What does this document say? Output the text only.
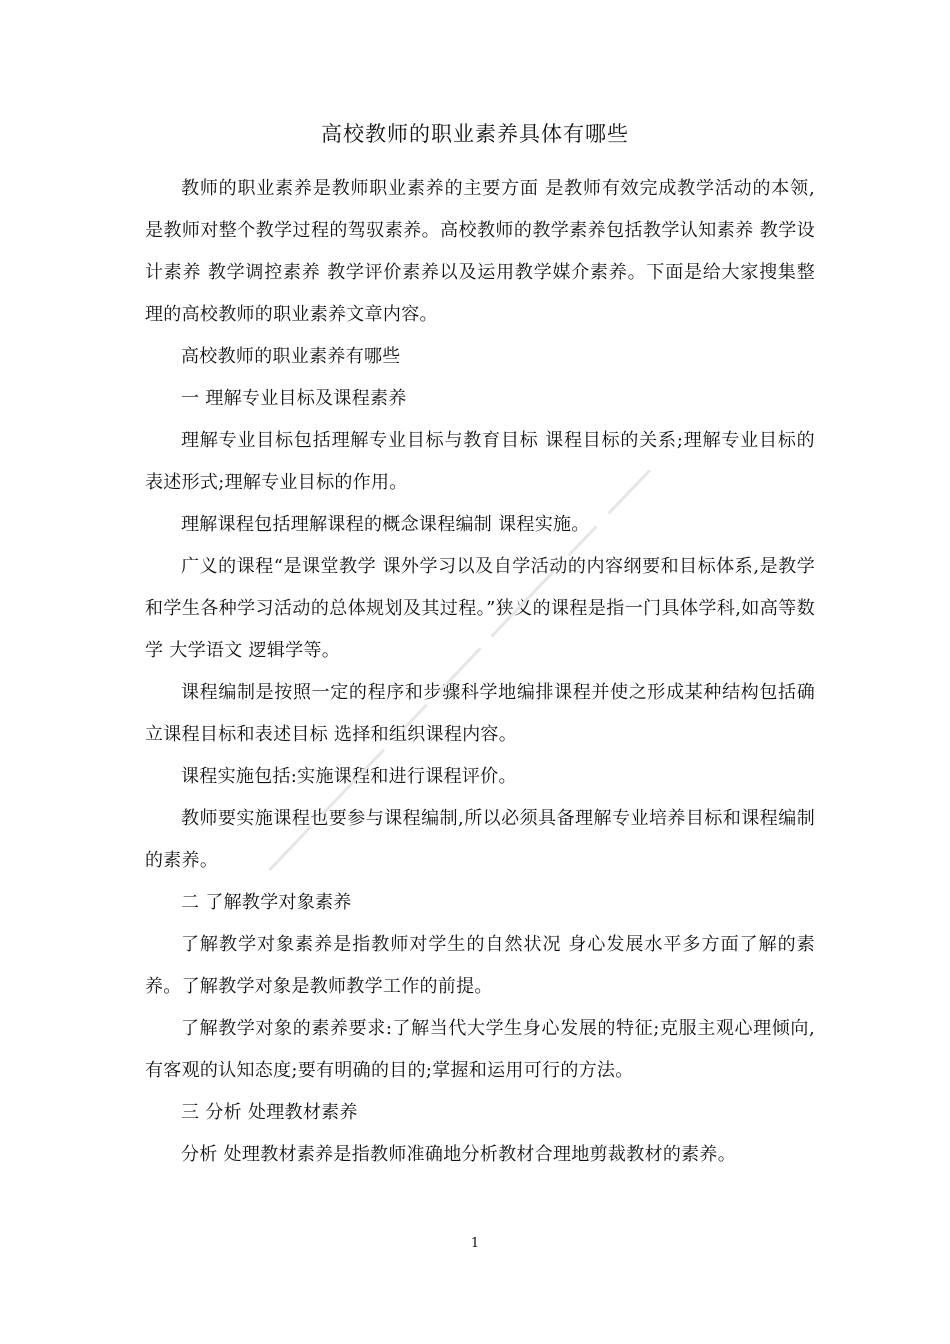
高校教师的职业素养具体有哪些

教师的职业素养是教师职业素养的主要方面 是教师有效完成教学活动的本领,是教师对整个教学过程的驾驭素养。高校教师的教学素养包括教学认知素养 教学设计素养 教学调控素养 教学评价素养以及运用教学媒介素养。下面是给大家搜集整理的高校教师的职业素养文章内容。

高校教师的职业素养有哪些

一 理解专业目标及课程素养

理解专业目标包括理解专业目标与教育目标 课程目标的关系;理解专业目标的表述形式;理解专业目标的作用。

理解课程包括理解课程的概念课程编制 课程实施。

广义的课程“是课堂教学 课外学习以及自学活动的内容纲要和目标体系,是教学和学生各种学习活动的总体规划及其过程。”狭义的课程是指一门具体学科,如高等数学 大学语文 逻辑学等。

课程编制是按照一定的程序和步骤科学地编排课程并使之形成某种结构包括确立课程目标和表述目标 选择和组织课程内容。

课程实施包括:实施课程和进行课程评价。

教师要实施课程也要参与课程编制,所以必须具备理解专业培养目标和课程编制的素养。

二 了解教学对象素养

了解教学对象素养是指教师对学生的自然状况 身心发展水平多方面了解的素养。了解教学对象是教师教学工作的前提。

了解教学对象的素养要求:了解当代大学生身心发展的特征;克服主观心理倾向,有客观的认知态度;要有明确的目的;掌握和运用可行的方法。

三 分析 处理教材素养

分析 处理教材素养是指教师准确地分析教材合理地剪裁教材的素养。

1
